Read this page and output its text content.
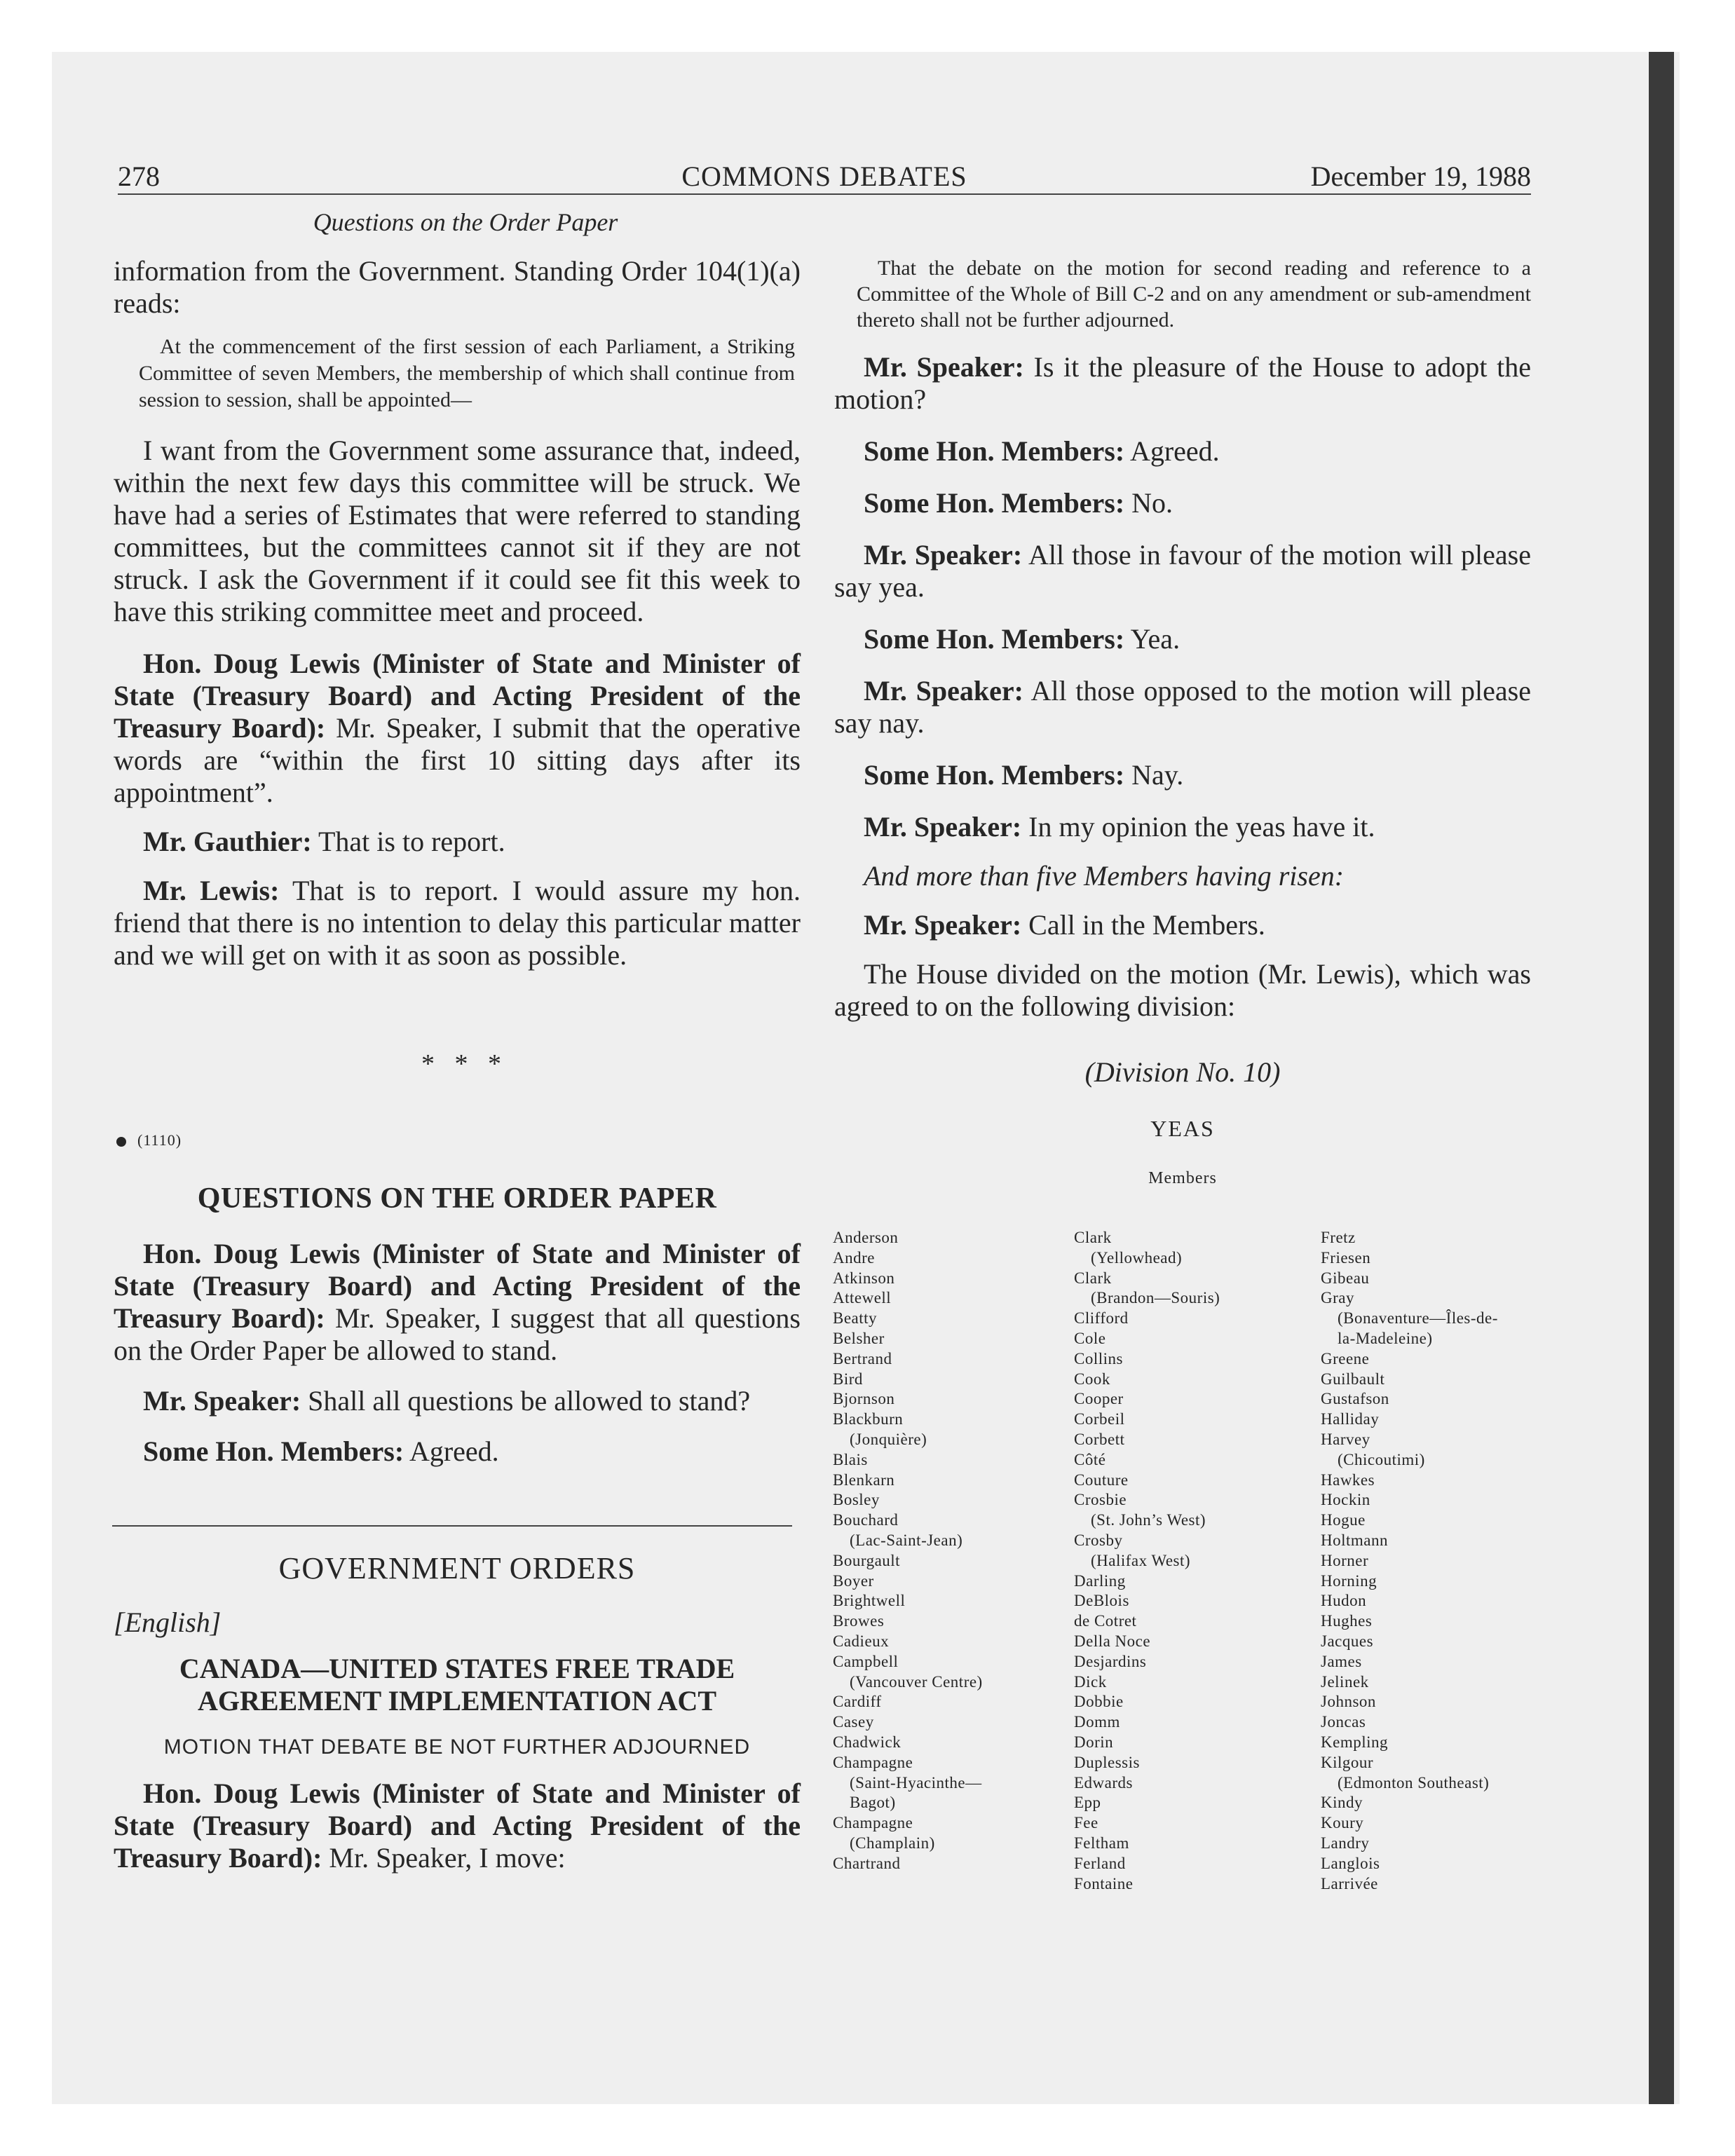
278	COMMONS DEBATES	December 19, 1988
Questions on the Order Paper

information from the Government. Standing Order 104(1)(a) reads:

At the commencement of the first session of each Parliament, a Striking Committee of seven Members, the membership of which shall continue from session to session, shall be appointed—

I want from the Government some assurance that, indeed, within the next few days this committee will be struck. We have had a series of Estimates that were referred to standing committees, but the committees cannot sit if they are not struck. I ask the Government if it could see fit this week to have this striking committee meet and proceed.

Hon. Doug Lewis (Minister of State and Minister of State (Treasury Board) and Acting President of the Treasury Board): Mr. Speaker, I submit that the operative words are “within the first 10 sitting days after its appointment”.

Mr. Gauthier: That is to report.

Mr. Lewis: That is to report. I would assure my hon. friend that there is no intention to delay this particular matter and we will get on with it as soon as possible.

*   *   *
(1110)

QUESTIONS ON THE ORDER PAPER

Hon. Doug Lewis (Minister of State and Minister of State (Treasury Board) and Acting President of the Treasury Board): Mr. Speaker, I suggest that all questions on the Order Paper be allowed to stand.

Mr. Speaker: Shall all questions be allowed to stand?

Some Hon. Members: Agreed.

GOVERNMENT ORDERS

[English]

CANADA—UNITED STATES FREE TRADE

AGREEMENT IMPLEMENTATION ACT

MOTION THAT DEBATE BE NOT FURTHER ADJOURNED

Hon. Doug Lewis (Minister of State and Minister of State (Treasury Board) and Acting President of the Treasury Board): Mr. Speaker, I move:

That the debate on the motion for second reading and reference to a Committee of the Whole of Bill C-2 and on any amendment or sub-amendment thereto shall not be further adjourned.

Mr. Speaker: Is it the pleasure of the House to adopt the motion?

Some Hon. Members: Agreed.

Some Hon. Members: No.

Mr. Speaker: All those in favour of the motion will please say yea.

Some Hon. Members: Yea.

Mr. Speaker: All those opposed to the motion will please say nay.

Some Hon. Members: Nay.

Mr. Speaker: In my opinion the yeas have it.

And more than five Members having risen:

Mr. Speaker: Call in the Members.

The House divided on the motion (Mr. Lewis), which was agreed to on the following division:

(Division No. 10)
YEAS
Members
Anderson
Andre
Atkinson
Attewell
Beatty
Belsher
Bertrand
Bird
Bjornson
Blackburn
(Jonquière)
Blais
Blenkarn
Bosley
Bouchard
(Lac-Saint-Jean)
Bourgault
Boyer
Brightwell
Browes
Cadieux
Campbell
(Vancouver Centre)
Cardiff
Casey
Chadwick
Champagne
(Saint-Hyacinthe—
Bagot)
Champagne
(Champlain)
Chartrand
Clark
(Yellowhead)
Clark
(Brandon—Souris)
Clifford
Cole
Collins
Cook
Cooper
Corbeil
Corbett
Côté
Couture
Crosbie
(St. John’s West)
Crosby
(Halifax West)
Darling
DeBlois
de Cotret
Della Noce
Desjardins
Dick
Dobbie
Domm
Dorin
Duplessis
Edwards
Epp
Fee
Feltham
Ferland
Fontaine
Fretz
Friesen
Gibeau
Gray
(Bonaventure—Îles-de-
la-Madeleine)
Greene
Guilbault
Gustafson
Halliday
Harvey
(Chicoutimi)
Hawkes
Hockin
Hogue
Holtmann
Horner
Horning
Hudon
Hughes
Jacques
James
Jelinek
Johnson
Joncas
Kempling
Kilgour
(Edmonton Southeast)
Kindy
Koury
Landry
Langlois
Larrivée
